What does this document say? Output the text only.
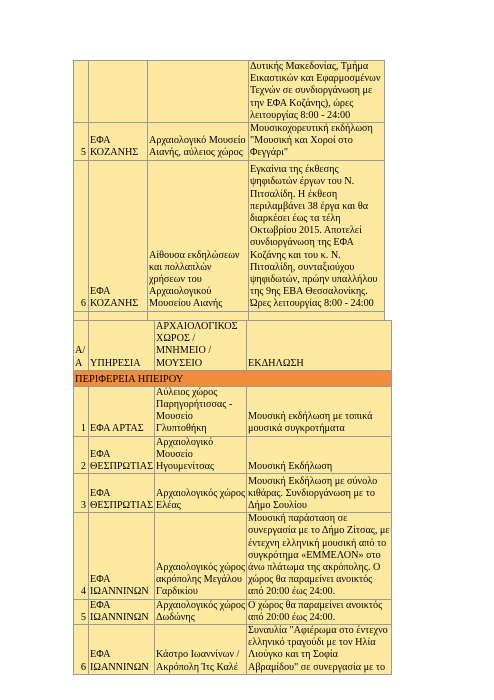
			Δυτικής Μακεδονίας, Τμήμα Εικαστικών και Εφαρμοσμένων Τεχνών σε συνδιοργάνωση με την ΕΦΑ Κοζάνης), ώρες λειτουργίας 8:00 - 24:00
5	ΕΦΑ ΚΟΖΑΝΗΣ	Αρχαιολογικό Μουσείο Αιανής, αύλειος χώρος	Μουσικοχορευτική εκδήλωση "Μουσική και Χοροί στο Φεγγάρι"
6	ΕΦΑ ΚΟΖΑΝΗΣ	Αίθουσα εκδηλώσεων και πολλαπλών χρήσεων του Αρχαιολογικού Μουσείου Αιανής	Εγκαίνια της έκθεσης ψηφιδωτών έργων του Ν. Πιτσαλίδη. Η έκθεση περιλαμβάνει 38 έργα και θα διαρκέσει έως τα τέλη Οκτωβρίου 2015. Αποτελεί συνδιοργάνωση της ΕΦΑ Κοζάνης και του κ. Ν. Πιτσαλίδη, συνταξιούχου ψηφιδωτών, πρώην υπαλλήλου της 9ης ΕΒΑ Θεσσαλονίκης. Ώρες λειτουργίας 8:00 - 24:00

Α/Α	ΥΠΗΡΕΣΙΑ	ΑΡΧΑΙΟΛΟΓΙΚΟΣ ΧΩΡΟΣ / ΜΝΗΜΕΙΟ / ΜΟΥΣΕΙΟ	ΕΚΔΗΛΩΣΗ
ΠΕΡΙΦΕΡΕΙΑ ΗΠΕΙΡΟΥ			
1	ΕΦΑ ΑΡΤΑΣ	Αύλειος χώρος Παρηγορήτισσας - Μουσείο Γλυπτοθήκη	Μουσική εκδήλωση με τοπικά μουσικά συγκροτήματα
2	ΕΦΑ ΘΕΣΠΡΩΤΙΑΣ	Αρχαιολογικό Μουσείο Ηγουμενίτσας	Μουσική Εκδήλωση
3	ΕΦΑ ΘΕΣΠΡΩΤΙΑΣ	Αρχαιολογικός χώρος Ελέας	Μουσική Εκδήλωση με σύνολο κιθάρας. Συνδιοργάνωση με το Δήμο Σουλίου
4	ΕΦΑ ΙΩΑΝΝΙΝΩΝ	Αρχαιολογικός χώρος ακρόπολης Μεγάλου Γαρδικίου	Μουσική παράσταση σε συνεργασία με το Δήμο Ζίτσας, με έντεχνη ελληνική μουσική από το συγκρότημα «ΕΜΜΕΛΟΝ» στο άνω πλάτωμα της ακρόπολης. Ο χώρος θα παραμείνει ανοικτός από 20:00 έως 24:00.
5	ΕΦΑ ΙΩΑΝΝΙΝΩΝ	Αρχαιολογικός χώρος Δωδώνης	Ο χώρος θα παραμείνει ανοικτός από 20:00 έως 24:00.
6	ΕΦΑ ΙΩΑΝΝΙΝΩΝ	Κάστρο Ιωαννίνων / Ακρόπολη Ίτς Καλέ	Συναυλία "Αφιέρωμα στο έντεχνο ελληνικό τραγούδι με τον Ηλία Λιούγκο και τη Σοφία Αβραμίδου" σε συνεργασία με το
